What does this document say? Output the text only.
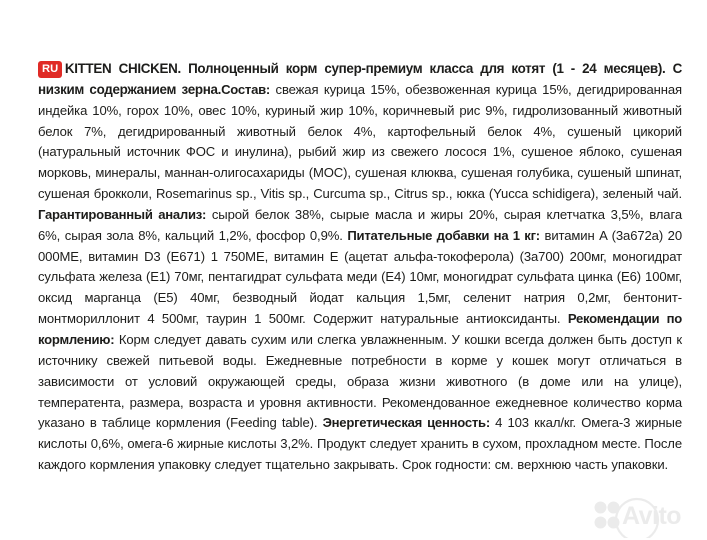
RU KITTEN CHICKEN. Полноценный корм супер-премиум класса для котят (1 - 24 месяцев). С низким содержанием зерна.Состав: свежая курица 15%, обезвоженная курица 15%, дегидрированная индейка 10%, горох 10%, овес 10%, куриный жир 10%, коричневый рис 9%, гидролизованный животный белок 7%, дегидрированный животный белок 4%, картофельный белок 4%, сушеный цикорий (натуральный источник ФОС и инулина), рыбий жир из свежего лосося 1%, сушеное яблоко, сушеная морковь, минералы, маннан-олигосахариды (МОС), сушеная клюква, сушеная голубика, сушеный шпинат, сушеная брокколи, Rosemarinus sp., Vitis sp., Curcuma sp., Citrus sp., юкка (Yucca schidigera), зеленый чай. Гарантированный анализ: сырой белок 38%, сырые масла и жиры 20%, сырая клетчатка 3,5%, влага 6%, сырая зола 8%, кальций 1,2%, фосфор 0,9%. Питательные добавки на 1 кг: витамин A (3a672a) 20 000МЕ, витамин D3 (E671) 1 750МЕ, витамин E (ацетат альфа-токоферола) (3a700) 200мг, моногидрат сульфата железа (E1) 70мг, пентагидрат сульфата меди (E4) 10мг, моногидрат сульфата цинка (E6) 100мг, оксид марганца (E5) 40мг, безводный йодат кальция 1,5мг, селенит натрия 0,2мг, бентонит-монтмориллонит 4 500мг, таурин 1 500мг. Содержит натуральные антиоксиданты. Рекомендации по кормлению: Корм следует давать сухим или слегка увлажненным. У кошки всегда должен быть доступ к источнику свежей питьевой воды. Ежедневные потребности в корме у кошек могут отличаться в зависимости от условий окружающей среды, образа жизни животного (в доме или на улице), температента, размера, возраста и уровня активности. Рекомендованное ежедневное количество корма указано в таблице кормления (Feeding table). Энергетическая ценность: 4 103 ккал/кг. Омега-3 жирные кислоты 0,6%, омега-6 жирные кислоты 3,2%. Продукт следует хранить в сухом, прохладном месте. После каждого кормления упаковку следует тщательно закрывать. Срок годности: см. верхнюю часть упаковки.
Avito
